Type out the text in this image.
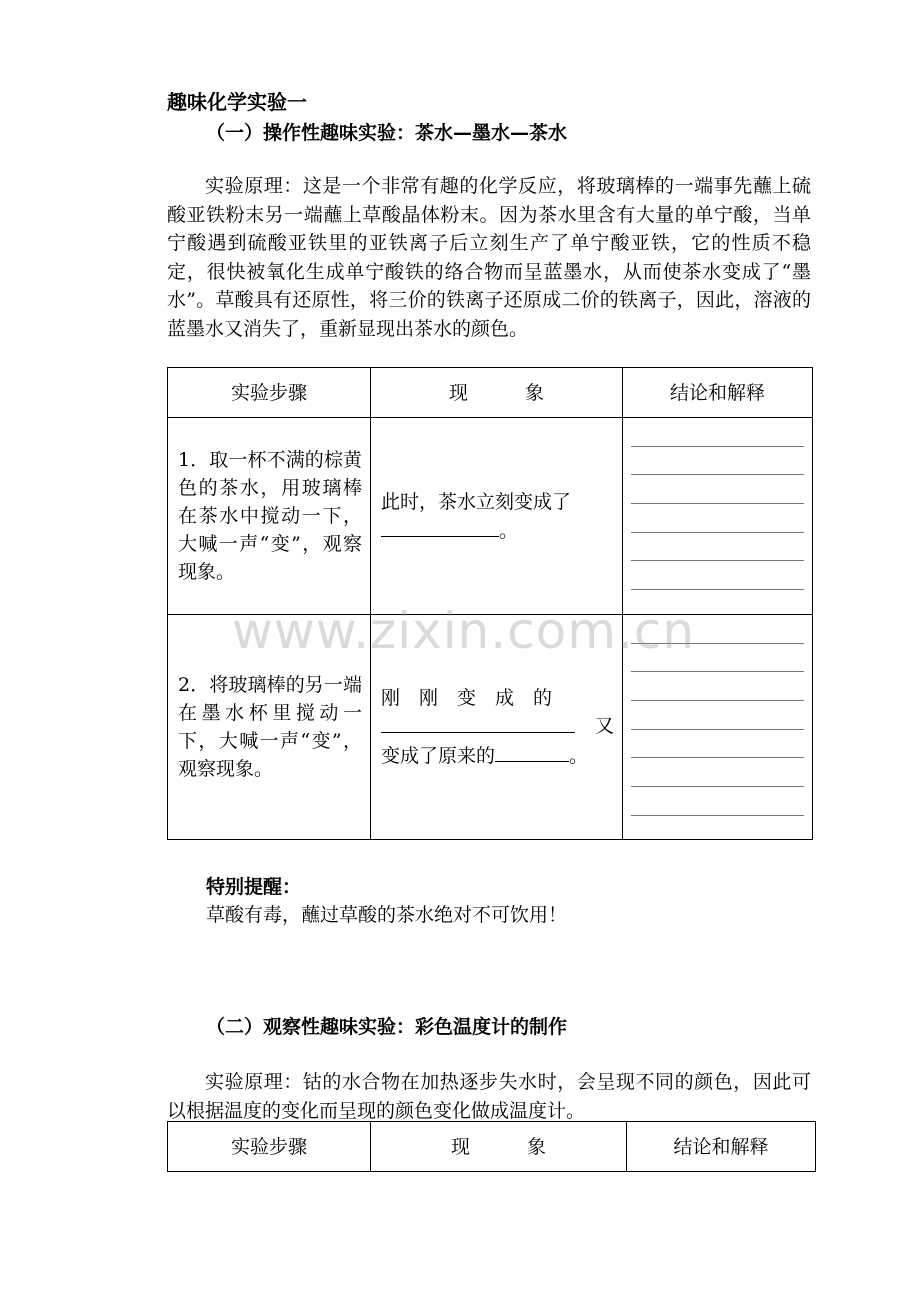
趣味化学实验一
（一）操作性趣味实验：茶水—墨水—茶水
实验原理：这是一个非常有趣的化学反应，将玻璃棒的一端事先蘸上硫酸亚铁粉末另一端蘸上草酸晶体粉末。因为茶水里含有大量的单宁酸，当单宁酸遇到硫酸亚铁里的亚铁离子后立刻生产了单宁酸亚铁，它的性质不稳定，很快被氧化生成单宁酸铁的络合物而呈蓝墨水，从而使茶水变成了“墨水”。草酸具有还原性，将三价的铁离子还原成二价的铁离子，因此，溶液的蓝墨水又消失了，重新显现出茶水的颜色。
实验步骤	现　　　象	结论和解释
1．取一杯不满的棕黄色的茶水，用玻璃棒在茶水中搅动一下，大喊一声“变”，观察现象。	此时，茶水立刻变成了
。	

2．将玻璃棒的另一端在墨水杯里搅动一下，大喊一声“变”，观察现象。	刚　刚　变　成　的

又

变成了原来的 。	
www.zixin.com.cn
特别提醒：
草酸有毒，蘸过草酸的茶水绝对不可饮用！
（二）观察性趣味实验：彩色温度计的制作
实验原理：钴的水合物在加热逐步失水时，会呈现不同的颜色，因此可以根据温度的变化而呈现的颜色变化做成温度计。
实验步骤	现　　　象	结论和解释
